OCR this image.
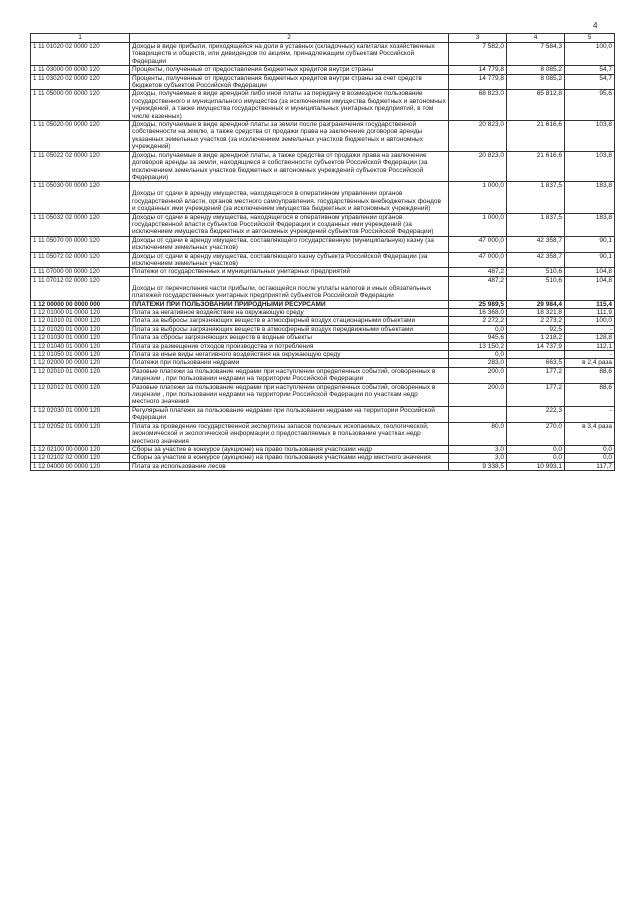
4
1	2	3	4	5
1 11 01020 02 0000 120	Доходы в виде прибыли, приходящейся на доли в уставных (складочных) капиталах хозяйственных товариществ и обществ, или дивидендов по акциям, принадлежащим субъектам Российской Федерации	7 582,0	7 584,3	100,0
1 11 03000 00 0000 120	Проценты, полученные от предоставления бюджетных кредитов внутри страны	14 779,8	8 085,2	54,7
1 11 03020 02 0000 120	Проценты, полученные от предоставления бюджетных кредитов внутри страны за счет средств бюджетов субъектов Российской Федерации	14 779,8	8 085,2	54,7
1 11 05000 00 0000 120	Доходы, получаемые в виде арендной либо иной платы за передачу в возмездное пользование государственного и муниципального имущества (за исключением имущества бюджетных и автономных учреждений, а также имущества государственных и муниципальных унитарных предприятий, в том числе казенных)	68 823,0	65 812,8	95,6
1 11 05020 00 0000 120	Доходы, получаемые в виде арендной платы за земли после разграничения государственной собственности на землю, а также средства от продажи права на заключение договоров аренды указанных земельных участков (за исключением земельных участков бюджетных и автономных учреждений)	20 823,0	21 616,6	103,8
1 11 05022 02 0000 120	Доходы, получаемые в виде арендной платы, а также средства от продажи права на заключение договоров аренды за земли, находящиеся в собственности субъектов Российской Федерации (за исключением земельных участков бюджетных и автономных учреждений субъектов Российской Федерации)	20 823,0	21 616,6	103,8
1 11 05030 00 0000 120	Доходы от сдачи в аренду имущества, находящегося в оперативном управлении органов государственной власти, органов местного самоуправления, государственных внебюджетных фондов и созданных ими учреждений (за исключением имущества бюджетных и автономных учреждений)	1 000,0	1 837,5	183,8
1 11 05032 02 0000 120	Доходы от сдачи в аренду имущества, находящегося в оперативном управлении органов государственной власти субъектов Российской Федерации и созданных ими учреждений (за исключением имущества бюджетных и автономных учреждений субъектов Российской Федерации)	1 000,0	1 837,5	183,8
1 11 05070 00 0000 120	Доходы от сдачи в аренду имущества, составляющего государственную (муниципальную) казну (за исключением земельных участков)	47 000,0	42 358,7	90,1
1 11 05072 02 0000 120	Доходы от сдачи в аренду имущества, составляющего казну субъекта Российской Федерации (за исключением земельных участков)	47 000,0	42 358,7	90,1
1 11 07000 00 0000 120	Платежи от государственных и муниципальных унитарных предприятий	487,2	510,6	104,8
1 11 07012 02 0000 120	Доходы от перечисления части прибыли, остающейся после уплаты налогов и иных обязательных платежей государственных унитарных предприятий субъектов Российской Федерации	487,2	510,6	104,8
1 12 00000 00 0000 000	ПЛАТЕЖИ ПРИ ПОЛЬЗОВАНИИ ПРИРОДНЫМИ РЕСУРСАМИ	25 989,5	29 984,4	115,4
1 12 01000 01 0000 120	Плата за негативное воздействие на окружающую среду	16 368,0	18 321,8	111,9
1 12 01010 01 0000 120	Плата за выбросы загрязняющих веществ в атмосферный воздух стационарными объектами	2 272,2	2 273,2	100,0
1 12 01020 01 0000 120	Плата за выбросы загрязняющих веществ в атмосферный воздух передвижными объектами	0,0	92,5	-
1 12 01030 01 0000 120	Плата за сбросы загрязняющих веществ в водные объекты	945,6	1 218,2	128,8
1 12 01040 01 0000 120	Плата за размещение отходов производства и потребления	13 150,2	14 737,9	112,1
1 12 01050 01 0000 120	Плата за иные виды негативного воздействия на окружающую среду	0,0		-
1 12 02000 00 0000 120	Платежи при пользовании недрами	283,0	663,5	в 2,4 раза
1 12 02010 01 0000 120	Разовые платежи за пользование недрами при наступлении определенных событий, оговоренных в лицензии , при пользовании недрами на территории Российской Федерации	200,0	177,2	88,6
1 12 02012 01 0000 120	Разовые платежи за пользование недрами при наступлении определенных событий, оговоренных в лицензии , при пользовании недрами на территории Российской Федерации по участкам недр местного значения	200,0	177,2	88,6
1 12 02030 01 0000 120	Регулярный платежи за пользование недрами при пользовании недрами на территории Российской Федерации		222,3	-
1 12 02052 01 0000 120	Плата за проведение государственной экспертизы запасов полезных ископаемых, геологической, экономической и экологической информации о предоставляемых в пользование участках недр местного значения	80,0	270,0	в 3,4 раза
1 12 02100 00 0000 120	Сборы за участие в конкурсе (аукционе) на право пользования участками недр	3,0	0,0	0,0
1 12 02102 02 0000 120	Сборы за участие в конкурсе (аукционе) на право пользования участками недр местного значения	3,0	0,0	0,0
1 12 04000 00 0000 120	Плата за использование лесов	9 338,5	10 993,1	117,7
